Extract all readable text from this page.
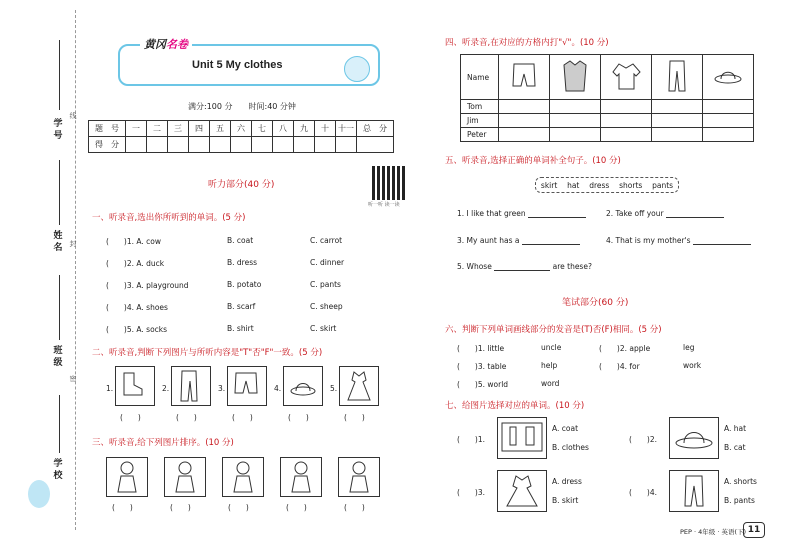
学号
线
姓名 封
班级
密
学校
黄冈名卷
Unit 5 My clothes
满分:100 分　　 时间:40 分钟
题　号	一	二	三	四	五	六	七	八	九	十	十一	总　分
得　分												
听一听 读一读
听力部分(40 分)
一、听录音,选出你所听到的单词。(5 分)
(　　)1. A. cow	B. coat	C. carrot
(　　)2. A. duck	B. dress	C. dinner
(　　)3. A. playground	B. potato	C. pants
(　　)4. A. shoes	B. scarf	C. sheep
(　　)5. A. socks	B. shirt	C. skirt
二、听录音,判断下列图片与所听内容是"T"否"F"一致。(5 分)
1.
(　　)
2.
(　　)
3.
(　　)
4.
(　　)
5.
(　　)
三、听录音,给下列图片排序。(10 分)
(　　)	(　　)	(　　)	(　　)	(　　)
四、听录音,在对应的方格内打"√"。(10 分)
Name					
Tom					
Jim					
Peter					
五、听录音,选择正确的单词补全句子。(10 分)
skirt hat dress shorts pants
1. I like that green	2. Take off your
3. My aunt has a	4. That is my mother's
5. Whose	are these?
笔试部分(60 分)
六、判断下列单词画线部分的发音是(T)否(F)相同。(5 分)
(　　)1. little	uncle	(　　)2. apple	leg
(　　)3. table	help	(　　)4. for	work
(　　)5. world	word
七、给图片选择对应的单词。(10 分)
(　　)1.
A. coat
B. clothes
(　　)2.
A. hat
B. cat
(　　)3.
A. dress
B. skirt
(　　)4.
A. shorts
B. pants
PEP · 4年级 · 英语(下) 11
